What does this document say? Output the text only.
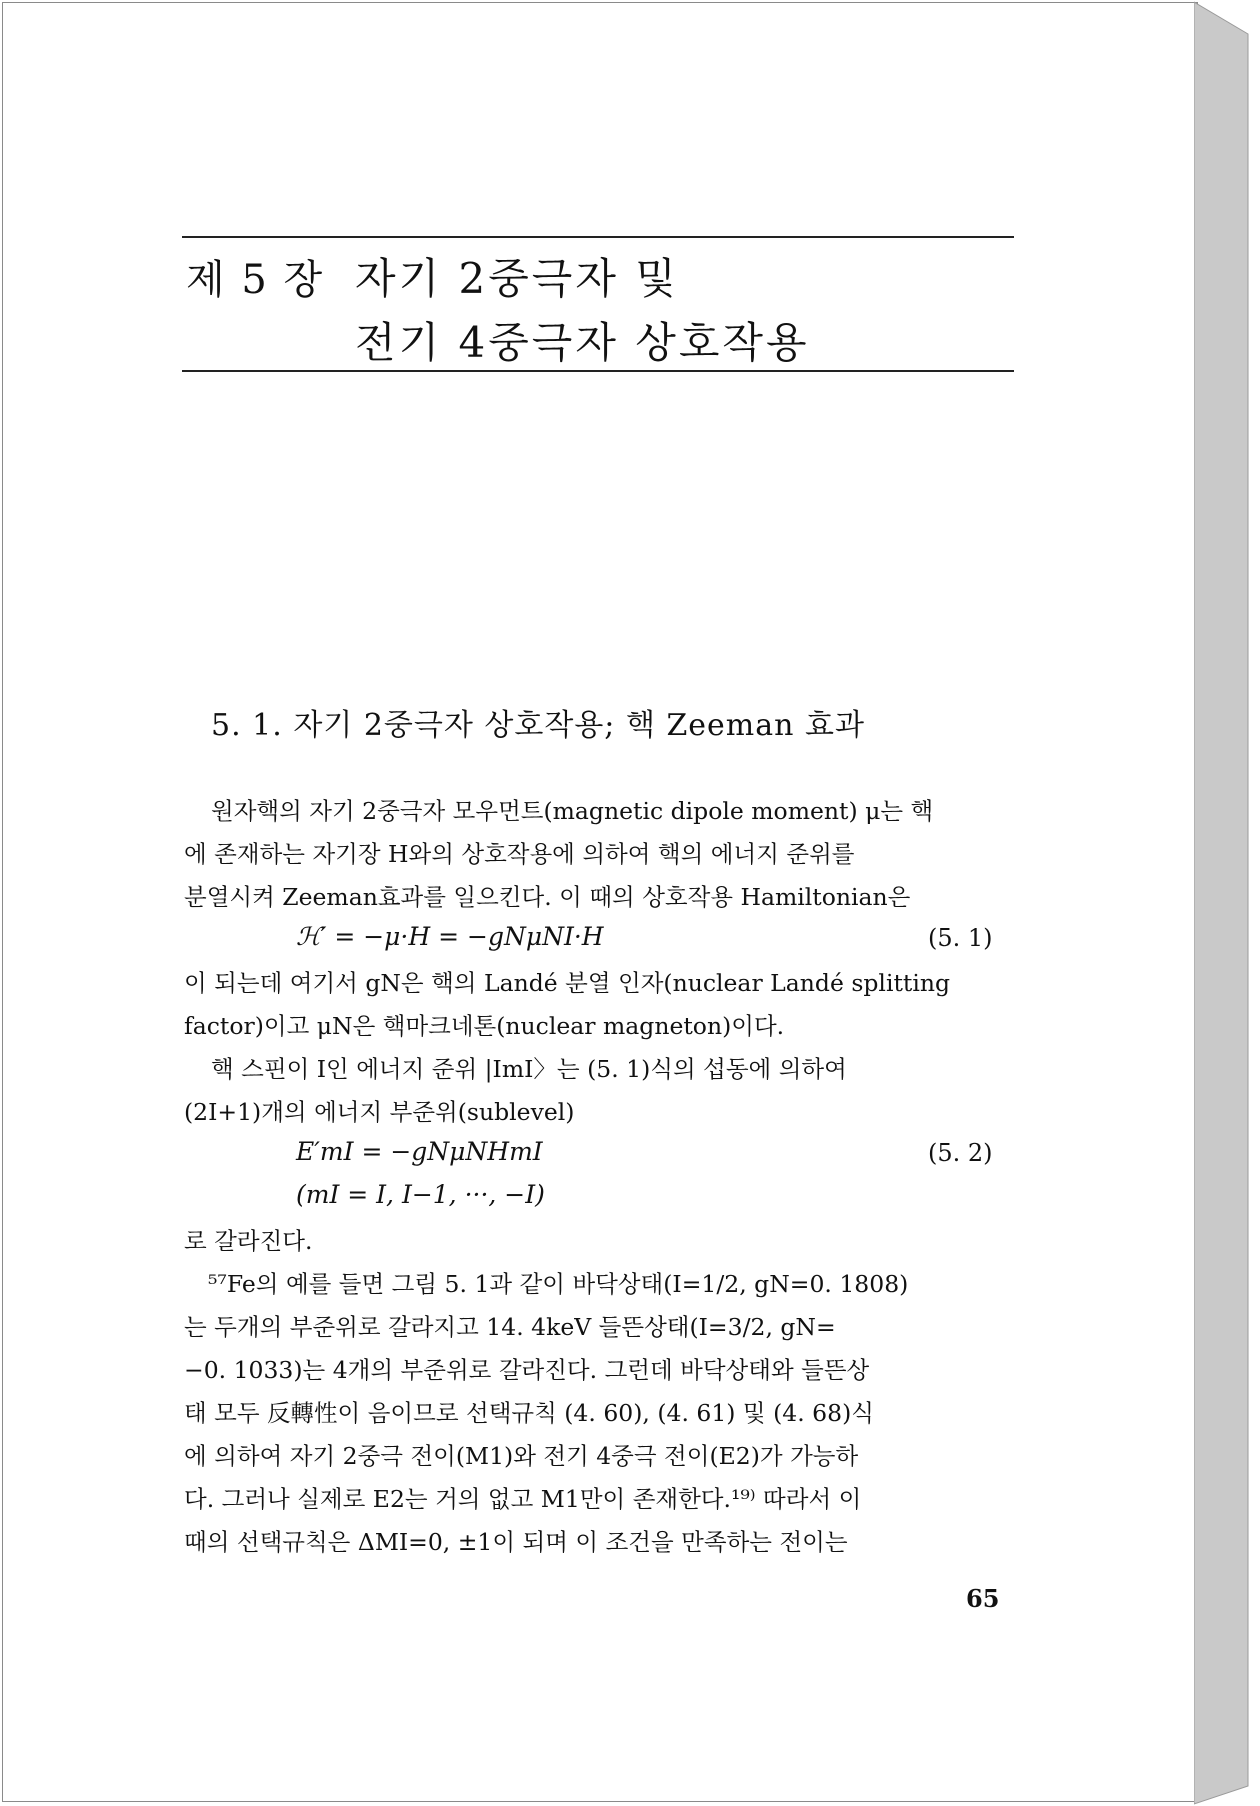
제 5 장 자기 2중극자 및
전기 4중극자 상호작용
5. 1. 자기 2중극자 상호작용; 핵 Zeeman 효과
원자핵의 자기 2중극자 모우먼트(magnetic dipole moment) μ는 핵
에 존재하는 자기장 H와의 상호작용에 의하여 핵의 에너지 준위를
분열시켜 Zeeman효과를 일으킨다. 이 때의 상호작용 Hamiltonian은
ℋ′ = −μ·H = −gNμNI·H	(5. 1)
이 되는데 여기서 gN은 핵의 Landé 분열 인자(nuclear Landé splitting
factor)이고 μN은 핵마크네톤(nuclear magneton)이다.
핵 스핀이 I인 에너지 준위 |ImI〉는 (5. 1)식의 섭동에 의하여
(2I+1)개의 에너지 부준위(sublevel)
E′mI = −gNμNHmI	(5. 2)
(mI = I, I−1, ···, −I)
로 갈라진다.
⁵⁷Fe의 예를 들면 그림 5. 1과 같이 바닥상태(I=1/2, gN=0. 1808)
는 두개의 부준위로 갈라지고 14. 4keV 들뜬상태(I=3/2, gN=
−0. 1033)는 4개의 부준위로 갈라진다. 그런데 바닥상태와 들뜬상
태 모두 反轉性이 음이므로 선택규칙 (4. 60), (4. 61) 및 (4. 68)식
에 의하여 자기 2중극 전이(M1)와 전기 4중극 전이(E2)가 가능하
다. 그러나 실제로 E2는 거의 없고 M1만이 존재한다.¹⁹⁾ 따라서 이
때의 선택규칙은 ΔMI=0, ±1이 되며 이 조건을 만족하는 전이는
65
